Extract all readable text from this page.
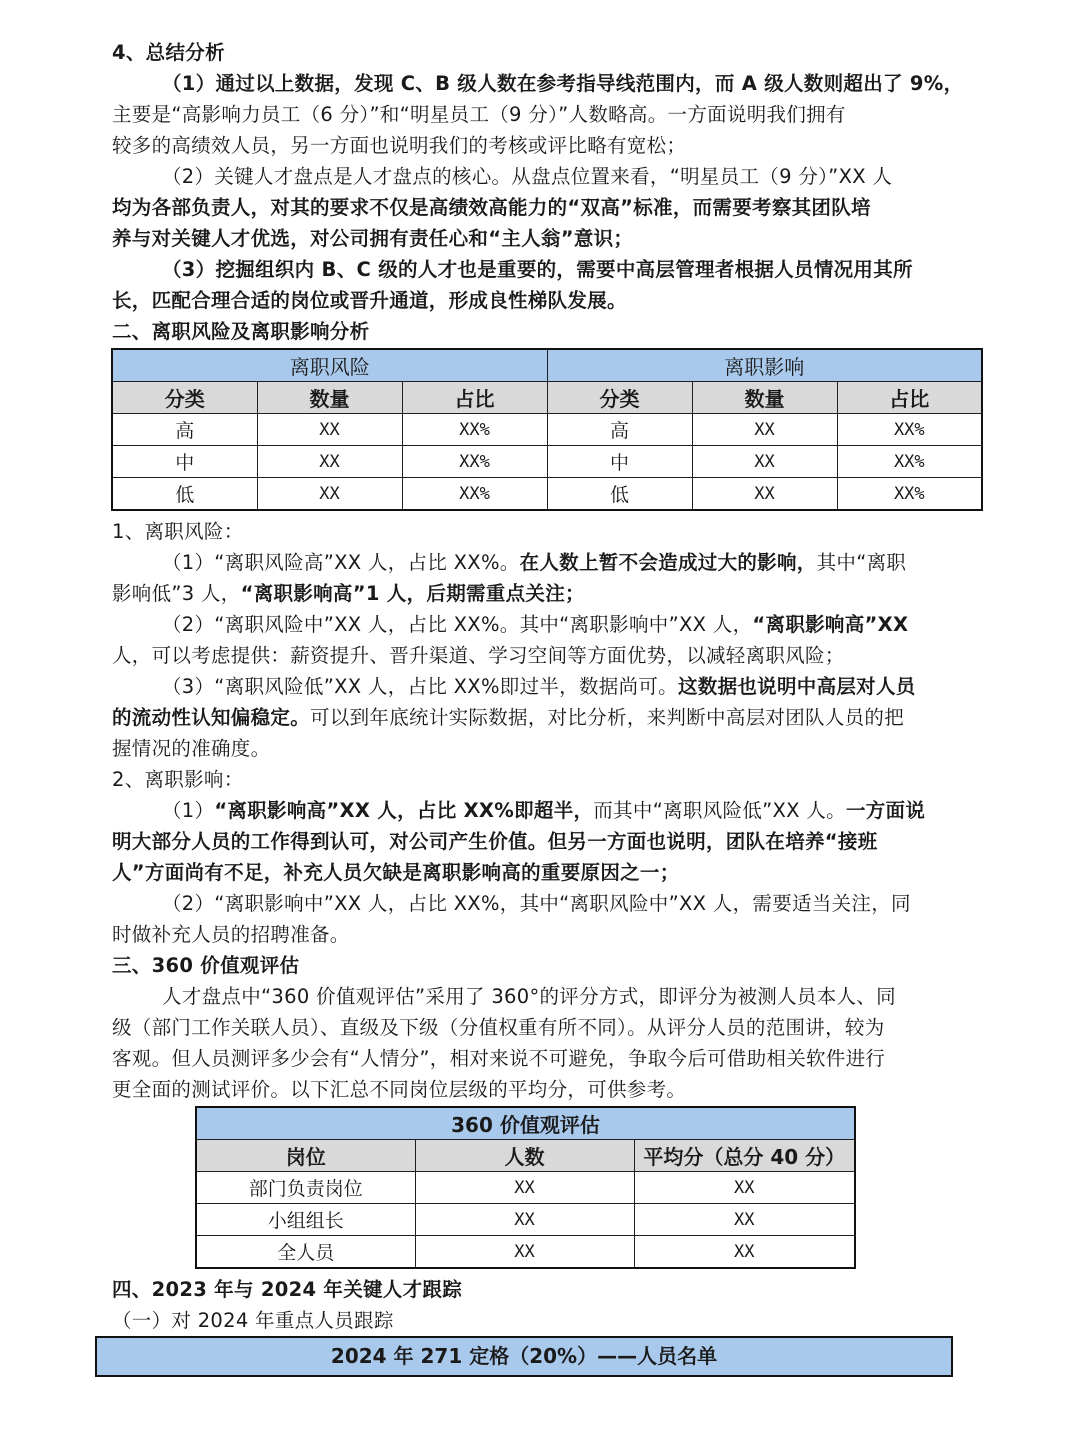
4、总结分析
（1）通过以上数据，发现 C、B 级人数在参考指导线范围内，而 A 级人数则超出了 9%，
主要是“高影响力员工（6 分）”和“明星员工（9 分）”人数略高。一方面说明我们拥有
较多的高绩效人员，另一方面也说明我们的考核或评比略有宽松；
（2）关键人才盘点是人才盘点的核心。从盘点位置来看，“明星员工（9 分）”XX 人
均为各部负责人，对其的要求不仅是高绩效高能力的“双高”标准，而需要考察其团队培
养与对关键人才优选，对公司拥有责任心和“主人翁”意识；
（3）挖掘组织内 B、C 级的人才也是重要的，需要中高层管理者根据人员情况用其所
长，匹配合理合适的岗位或晋升通道，形成良性梯队发展。
二、离职风险及离职影响分析
离职风险			离职影响		
分类	数量	占比	分类	数量	占比
高	XX	XX%	高	XX	XX%
中	XX	XX%	中	XX	XX%
低	XX	XX%	低	XX	XX%
1、离职风险：
（1）“离职风险高”XX 人，占比 XX%。在人数上暂不会造成过大的影响，其中“离职
影响低”3 人，“离职影响高”1 人，后期需重点关注；
（2）“离职风险中”XX 人，占比 XX%。其中“离职影响中”XX 人，“离职影响高”XX
人，可以考虑提供：薪资提升、晋升渠道、学习空间等方面优势，以减轻离职风险；
（3）“离职风险低”XX 人，占比 XX%即过半，数据尚可。这数据也说明中高层对人员
的流动性认知偏稳定。可以到年底统计实际数据，对比分析，来判断中高层对团队人员的把
握情况的准确度。
2、离职影响：
（1）“离职影响高”XX 人，占比 XX%即超半，而其中“离职风险低”XX 人。一方面说
明大部分人员的工作得到认可，对公司产生价值。但另一方面也说明，团队在培养“接班
人”方面尚有不足，补充人员欠缺是离职影响高的重要原因之一；
（2）“离职影响中”XX 人，占比 XX%，其中“离职风险中”XX 人，需要适当关注，同
时做补充人员的招聘准备。
三、360 价值观评估
人才盘点中“360 价值观评估”采用了 360°的评分方式，即评分为被测人员本人、同
级（部门工作关联人员）、直级及下级（分值权重有所不同）。从评分人员的范围讲，较为
客观。但人员测评多少会有“人情分”，相对来说不可避免，争取今后可借助相关软件进行
更全面的测试评价。以下汇总不同岗位层级的平均分，可供参考。
360 价值观评估		
岗位	人数	平均分（总分 40 分）
部门负责岗位	XX	XX
小组组长	XX	XX
全人员	XX	XX
四、2023 年与 2024 年关键人才跟踪
（一）对 2024 年重点人员跟踪
2024 年 271 定格（20%）——人员名单
